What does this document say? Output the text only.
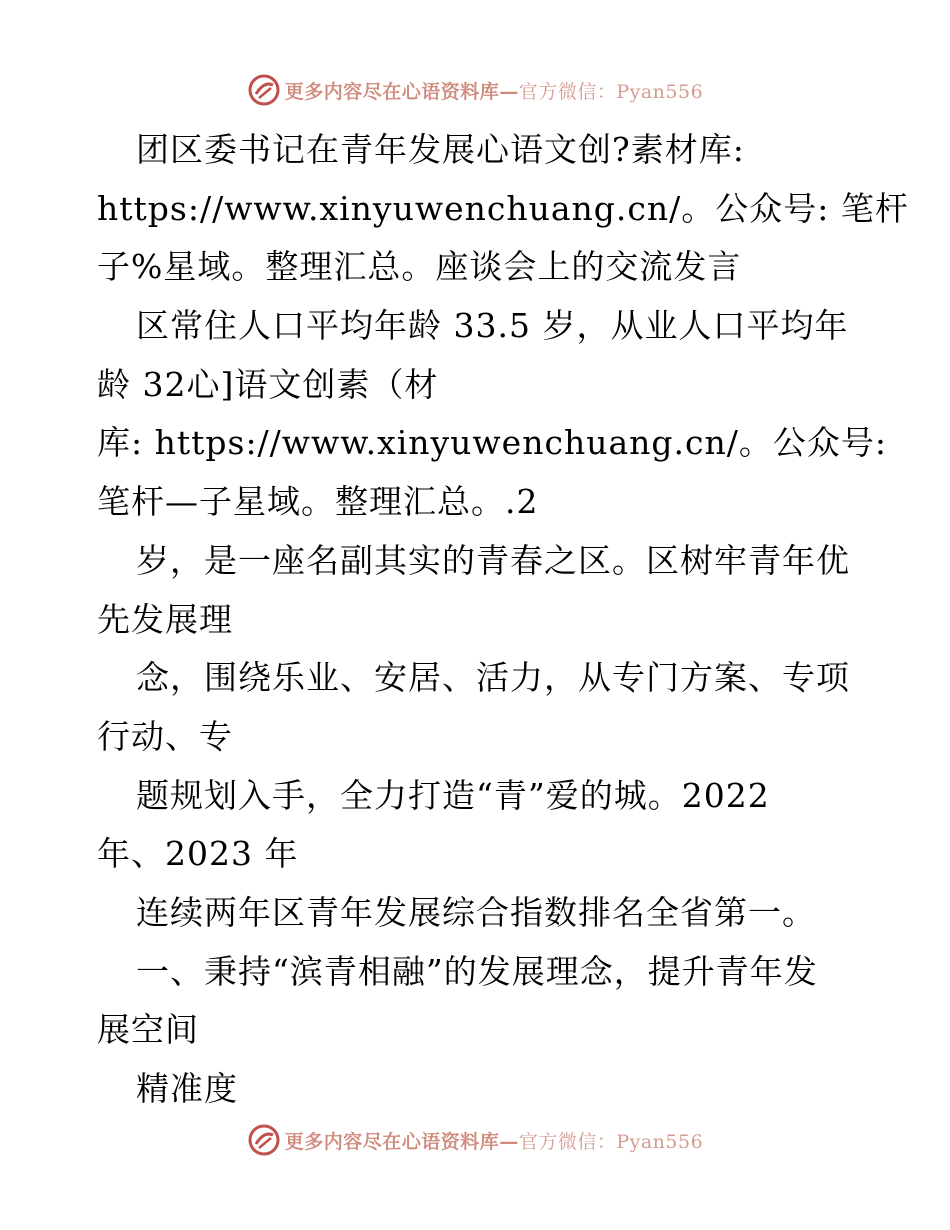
更多内容尽在心语资料库—官方微信：Pyan556
团区委书记在青年发展心语文创?素材库:
https://www.xinyuwenchuang.cn/。公众号: 笔杆
子%星域。整理汇总。座谈会上的交流发言
区常住人口平均年龄 33.5 岁，从业人口平均年
龄 32心]语文创素（材
库: https://www.xinyuwenchuang.cn/。公众号:
笔杆—子星域。整理汇总。.2
岁，是一座名副其实的青春之区。区树牢青年优
先发展理
念，围绕乐业、安居、活力，从专门方案、专项
行动、专
题规划入手，全力打造“青”爱的城。2022
年、2023 年
连续两年区青年发展综合指数排名全省第一。
一、秉持“滨青相融”的发展理念，提升青年发
展空间
精准度
更多内容尽在心语资料库—官方微信：Pyan556
